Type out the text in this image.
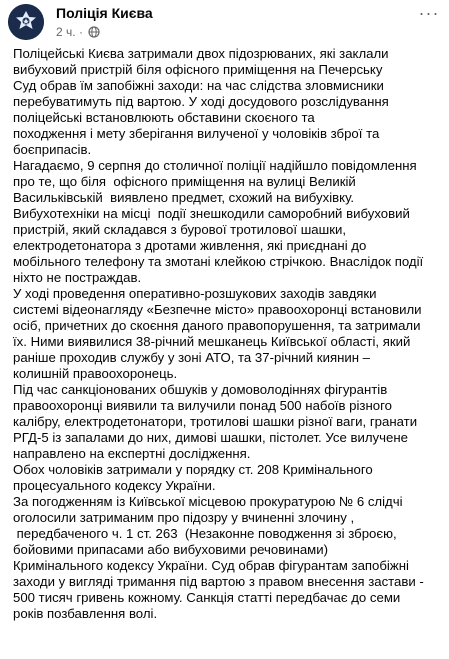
Поліція Києва
2 ч. ·
···

Поліцейські Києва затримали двох підозрюваних, які заклали
вибуховий пристрій біля офісного приміщення на Печерську
Суд обрав їм запобіжні заходи: на час слідства зловмисники
перебуватимуть під вартою. У ході досудового розслідування
поліцейські встановлюють обставини скоєного та
походження і мету зберігання вилученої у чоловіків зброї та
боєприпасів.

Нагадаємо, 9 серпня до столичної поліції надійшло повідомлення
про те, що біля  офісного приміщення на вулиці Великій
Васильківській  виявлено предмет, схожий на вибухівку.

Вибухотехніки на місці  події знешкодили саморобний вибуховий
пристрій, який складався з бурової тротилової шашки,
електродетонатора з дротами живлення, які приєднані до
мобільного телефону та змотані клейкою стрічкою. Внаслідок події
ніхто не постраждав.

У ході проведення оперативно-розшукових заходів завдяки
системі відеонагляду «Безпечне місто» правоохоронці встановили
осіб, причетних до скоєння даного правопорушення, та затримали
їх. Ними виявилися 38-річний мешканець Київської області, який
раніше проходив службу у зоні АТО, та 37-річний киянин –
колишній правоохоронець.

Під час санкціонованих обшуків у домоволодіннях фігурантів
правоохоронці виявили та вилучили понад 500 набоїв різного
калібру, електродетонатори, тротилові шашки різної ваги, гранати
РГД-5 із запалами до них, димові шашки, пістолет. Усе вилучене
направлено на експертні дослідження.

Обох чоловіків затримали у порядку ст. 208 Кримінального
процесуального кодексу України.

За погодженням із Київської місцевою прокуратурою № 6 слідчі
оголосили затриманим про підозру у вчиненні злочину ,
передбаченого ч. 1 ст. 263  (Незаконне поводження зі зброєю,
бойовими припасами або вибуховими речовинами)
Кримінального кодексу України. Суд обрав фігурантам запобіжні
заходи у вигляді тримання під вартою з правом внесення застави -
500 тисяч гривень кожному. Санкція статті передбачає до семи
років позбавлення волі.
